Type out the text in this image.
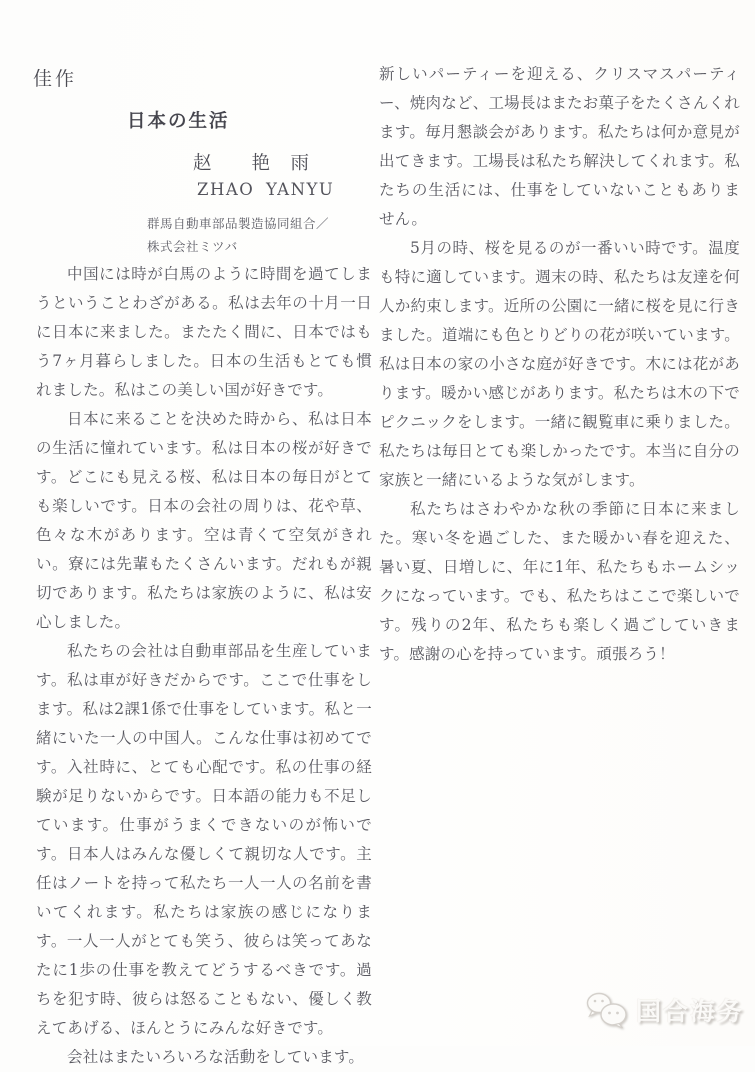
佳作
日本の生活
赵　　艳　雨
ZHAO YANYU
群馬自動車部品製造協同組合／
株式会社ミツバ

中国には時が白馬のように時間を過てしまうということわざがある。私は去年の十月一日に日本に来ました。またたく間に、日本ではもう7ヶ月暮らしました。日本の生活もとても慣れました。私はこの美しい国が好きです。

日本に来ることを決めた時から、私は日本の生活に憧れています。私は日本の桜が好きです。どこにも見える桜、私は日本の毎日がとても楽しいです。日本の会社の周りは、花や草、色々な木があります。空は青くて空気がきれい。寮には先輩もたくさんいます。だれもが親切であります。私たちは家族のように、私は安心しました。

私たちの会社は自動車部品を生産しています。私は車が好きだからです。ここで仕事をします。私は2課1係で仕事をしています。私と一緒にいた一人の中国人。こんな仕事は初めてです。入社時に、とても心配です。私の仕事の経験が足りないからです。日本語の能力も不足しています。仕事がうまくできないのが怖いです。日本人はみんな優しくて親切な人です。主任はノートを持って私たち一人一人の名前を書いてくれます。私たちは家族の感じになります。一人一人がとても笑う、彼らは笑ってあなたに1歩の仕事を教えてどうするべきです。過ちを犯す時、彼らは怒ることもない、優しく教えてあげる、ほんとうにみんな好きです。

会社はまたいろいろな活動をしています。

新しいパーティーを迎える、クリスマスパーティー、焼肉など、工場長はまたお菓子をたくさんくれます。毎月懇談会があります。私たちは何か意見が出てきます。工場長は私たち解決してくれます。私たちの生活には、仕事をしていないこともありません。

5月の時、桜を見るのが一番いい時です。温度も特に適しています。週末の時、私たちは友達を何人か約束します。近所の公園に一緒に桜を見に行きました。道端にも色とりどりの花が咲いています。私は日本の家の小さな庭が好きです。木には花があります。暖かい感じがあります。私たちは木の下でピクニックをします。一緒に観覧車に乗りました。私たちは毎日とても楽しかったです。本当に自分の家族と一緒にいるような気がします。

私たちはさわやかな秋の季節に日本に来ました。寒い冬を過ごした、また暖かい春を迎えた、暑い夏、日増しに、年に1年、私たちもホームシックになっています。でも、私たちはここで楽しいです。残りの2年、私たちも楽しく過ごしていきます。感謝の心を持っています。頑張ろう！

国合海务
